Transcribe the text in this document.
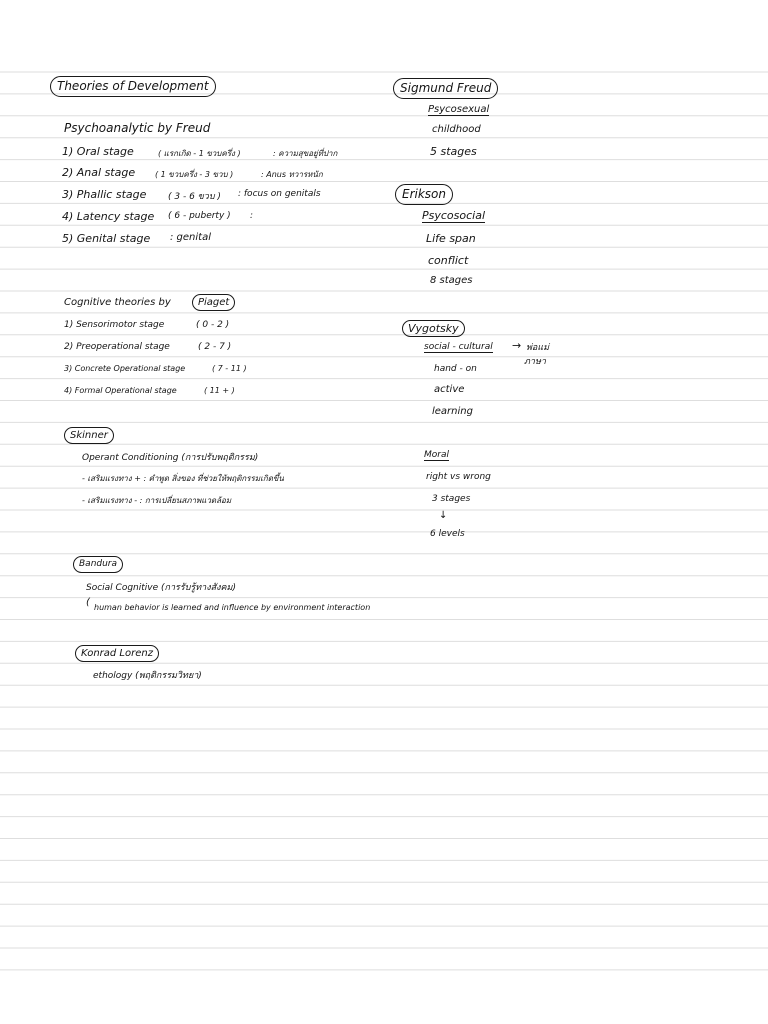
Theories of Development
Psychoanalytic by Freud
1) Oral stage	( แรกเกิด - 1 ขวบครึ่ง )	: ความสุขอยู่ที่ปาก
2) Anal stage ( 1 ขวบครึ่ง - 3 ขวบ )	: Anus ทวารหนัก
3) Phallic stage ( 3 - 6 ขวบ ) : focus on genitals
4) Latency stage ( 6 - puberty ) :
5) Genital stage : genital
Cognitive theories by	Piaget
1) Sensorimotor stage	( 0 - 2 )
2) Preoperational stage	( 2 - 7 )
3) Concrete Operational stage	( 7 - 11 )
4) Formal Operational stage	( 11 + )
Skinner
Operant Conditioning (การปรับพฤติกรรม)
- เสริมแรงทาง + : คำพูด สิ่งของ ที่ช่วยให้พฤติกรรมเกิดขึ้น
- เสริมแรงทาง - : การเปลี่ยนสภาพแวดล้อม
Bandura
Social Cognitive (การรับรู้ทางสังคม)
( human behavior is learned and influence by environment interaction
Konrad Lorenz
ethology (พฤติกรรมวิทยา)
Sigmund Freud
Psycosexual
childhood
5 stages
Erikson
Psycosocial
Life span
conflict
8 stages
Vygotsky
social - cultural → พ่อแม่
ภาษา
hand - on
active
learning
Moral
right vs wrong
3 stages
↓
6 levels
